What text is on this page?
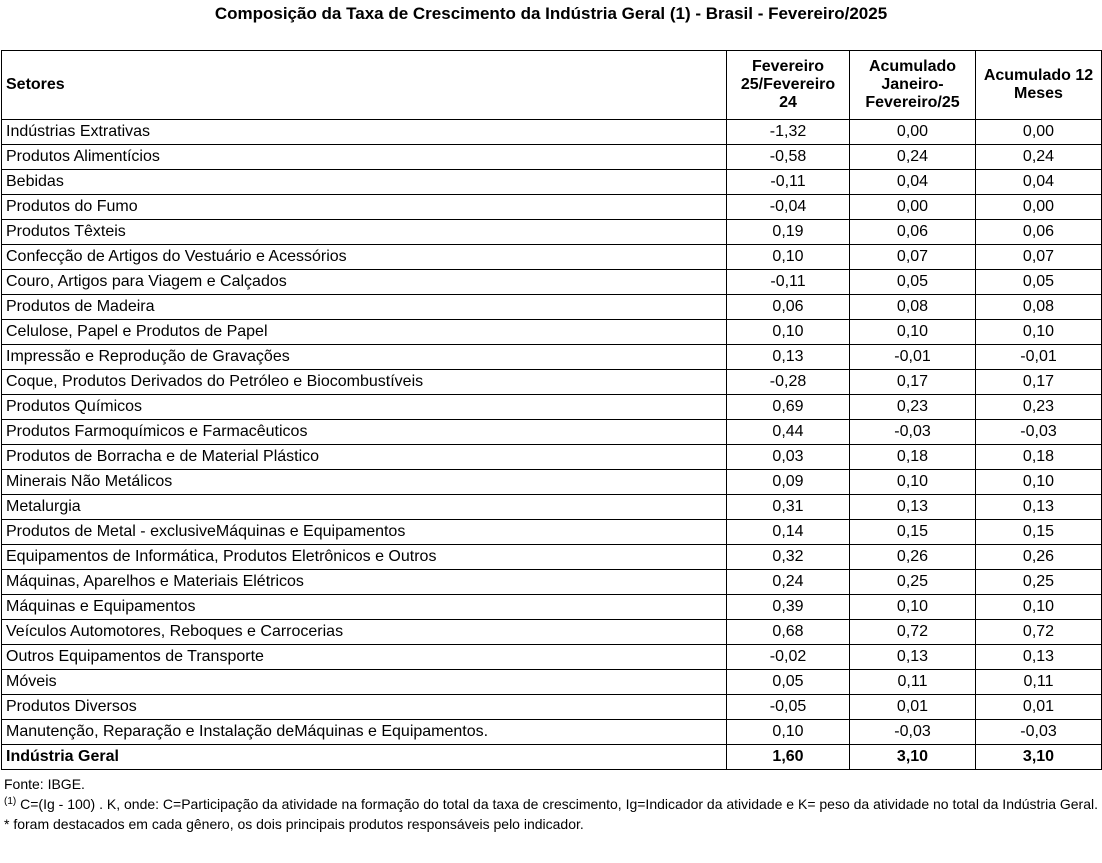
Composição da Taxa de Crescimento da Indústria Geral (1) - Brasil - Fevereiro/2025
Setores	Fevereiro 25/Fevereiro 24	Acumulado Janeiro-Fevereiro/25	Acumulado 12 Meses
Indústrias Extrativas	-1,32	0,00	0,00
Produtos Alimentícios	-0,58	0,24	0,24
Bebidas	-0,11	0,04	0,04
Produtos do Fumo	-0,04	0,00	0,00
Produtos Têxteis	0,19	0,06	0,06
Confecção de Artigos do Vestuário e Acessórios	0,10	0,07	0,07
Couro, Artigos para Viagem e Calçados	-0,11	0,05	0,05
Produtos de Madeira	0,06	0,08	0,08
Celulose, Papel e Produtos de Papel	0,10	0,10	0,10
Impressão e Reprodução de Gravações	0,13	-0,01	-0,01
Coque, Produtos Derivados do Petróleo e Biocombustíveis	-0,28	0,17	0,17
Produtos Químicos	0,69	0,23	0,23
Produtos Farmoquímicos e Farmacêuticos	0,44	-0,03	-0,03
Produtos de Borracha e de Material Plástico	0,03	0,18	0,18
Minerais Não Metálicos	0,09	0,10	0,10
Metalurgia	0,31	0,13	0,13
Produtos de Metal - exclusiveMáquinas e Equipamentos	0,14	0,15	0,15
Equipamentos de Informática, Produtos Eletrônicos e Outros	0,32	0,26	0,26
Máquinas, Aparelhos e Materiais Elétricos	0,24	0,25	0,25
Máquinas e Equipamentos	0,39	0,10	0,10
Veículos Automotores, Reboques e Carrocerias	0,68	0,72	0,72
Outros Equipamentos de Transporte	-0,02	0,13	0,13
Móveis	0,05	0,11	0,11
Produtos Diversos	-0,05	0,01	0,01
Manutenção, Reparação e Instalação deMáquinas e Equipamentos.	0,10	-0,03	-0,03
Indústria Geral	1,60	3,10	3,10

Fonte: IBGE.

$^{(1)}$ C=(Ig - 100) . K, onde: C=Participação da atividade na formação do total da taxa de crescimento, Ig=Indicador da atividade e K= peso da atividade no total da Indústria Geral.

* foram destacados em cada gênero, os dois principais produtos responsáveis pelo indicador.
